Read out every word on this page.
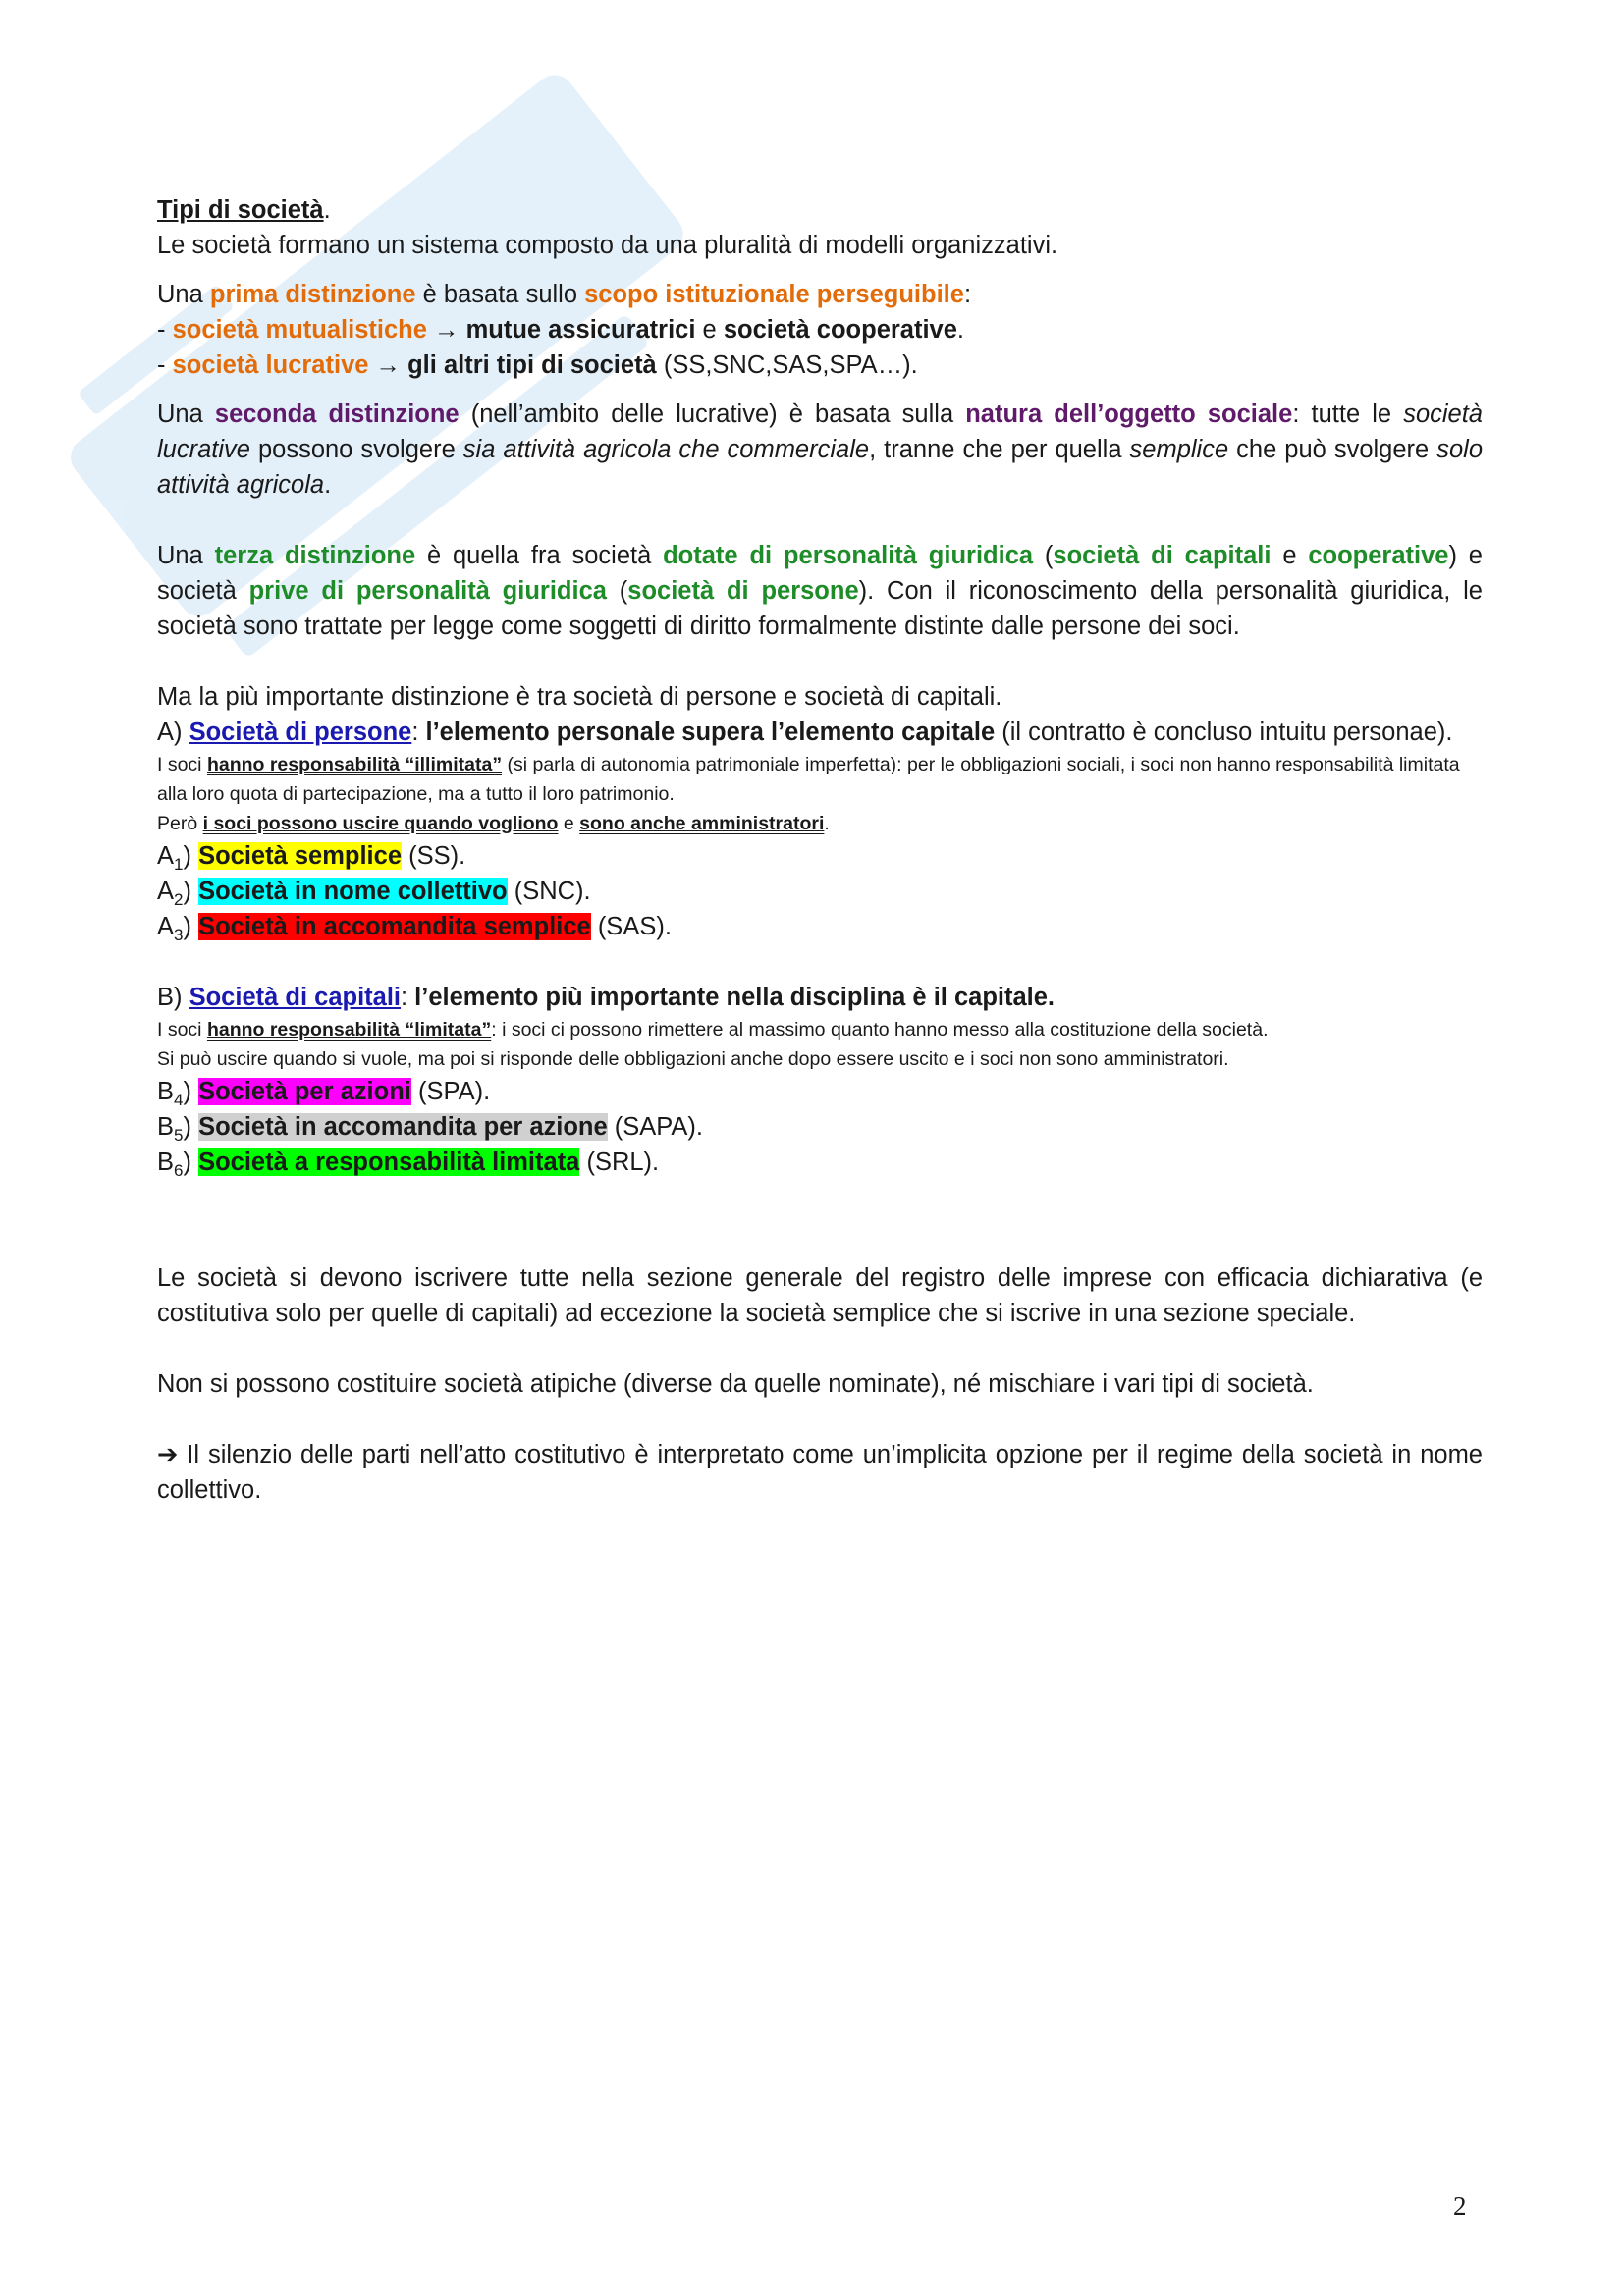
Tipi di società.

Le società formano un sistema composto da una pluralità di modelli organizzativi.

Una prima distinzione è basata sullo scopo istituzionale perseguibile:

- società mutualistiche → mutue assicuratrici e società cooperative.

- società lucrative → gli altri tipi di società (SS,SNC,SAS,SPA…).

Una seconda distinzione (nell’ambito delle lucrative) è basata sulla natura dell’oggetto sociale: tutte le società lucrative possono svolgere sia attività agricola che commerciale, tranne che per quella semplice che può svolgere solo attività agricola.

Una terza distinzione è quella fra società dotate di personalità giuridica (società di capitali e cooperative) e società prive di personalità giuridica (società di persone). Con il riconoscimento della personalità giuridica, le società sono trattate per legge come soggetti di diritto formalmente distinte dalle persone dei soci.

Ma la più importante distinzione è tra società di persone e società di capitali.

A) Società di persone: l’elemento personale supera l’elemento capitale (il contratto è concluso intuitu personae).

I soci hanno responsabilità “illimitata” (si parla di autonomia patrimoniale imperfetta): per le obbligazioni sociali, i soci non hanno responsabilità limitata alla loro quota di partecipazione, ma a tutto il loro patrimonio.

Però i soci possono uscire quando vogliono e sono anche amministratori.

$A_1$) Società semplice (SS).

$A_2$) Società in nome collettivo (SNC).

$A_3$) Società in accomandita semplice (SAS).

B) Società di capitali: l’elemento più importante nella disciplina è il capitale.

I soci hanno responsabilità “limitata”: i soci ci possono rimettere al massimo quanto hanno messo alla costituzione della società.

Si può uscire quando si vuole, ma poi si risponde delle obbligazioni anche dopo essere uscito e i soci non sono amministratori.

$B_4$) Società per azioni (SPA).

$B_5$) Società in accomandita per azione (SAPA).

$B_6$) Società a responsabilità limitata (SRL).

Le società si devono iscrivere tutte nella sezione generale del registro delle imprese con efficacia dichiarativa (e costitutiva solo per quelle di capitali) ad eccezione la società semplice che si iscrive in una sezione speciale.

Non si possono costituire società atipiche (diverse da quelle nominate), né mischiare i vari tipi di società.

➔ Il silenzio delle parti nell’atto costitutivo è interpretato come un’implicita opzione per il regime della società in nome collettivo.

2
